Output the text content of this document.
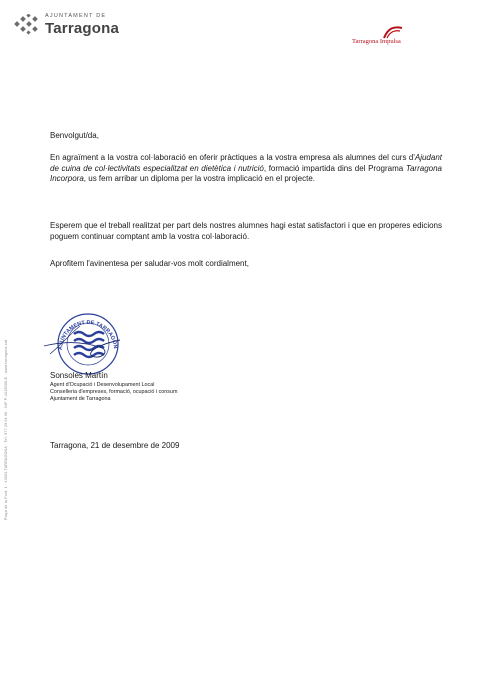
AJUNTAMENT DE
Tarragona
Tarragona Impulsa
Plaça de la Font, 1 · 43003 TARRAGONA · Tel. 977 29 61 00 · NIF P-4315000-E · www.tarragona.cat
Benvolgut/da,
En agraïment a la vostra col·laboració en oferir pràctiques a la vostra empresa als alumnes del curs d'Ajudant de cuina de col·lectivitats especialitzat en dietètica i nutrició, formació impartida dins del Programa Tarragona Incorpora, us fem arribar un diploma per la vostra implicació en el projecte.
Esperem que el treball realitzat per part dels nostres alumnes hagi estat satisfactori i que en properes edicions poguem continuar comptant amb la vostra col·laboració.
Aprofitem l'avinentesa per saludar-vos molt cordialment,
AJUNTAMENT DE TARRAGON
Sonsoles Martín
Agent d'Ocupació i Desenvolupament Local
Conselleria d'empreses, formació, ocupació i consum
Ajuntament de Tarragona
Tarragona, 21 de desembre de 2009
